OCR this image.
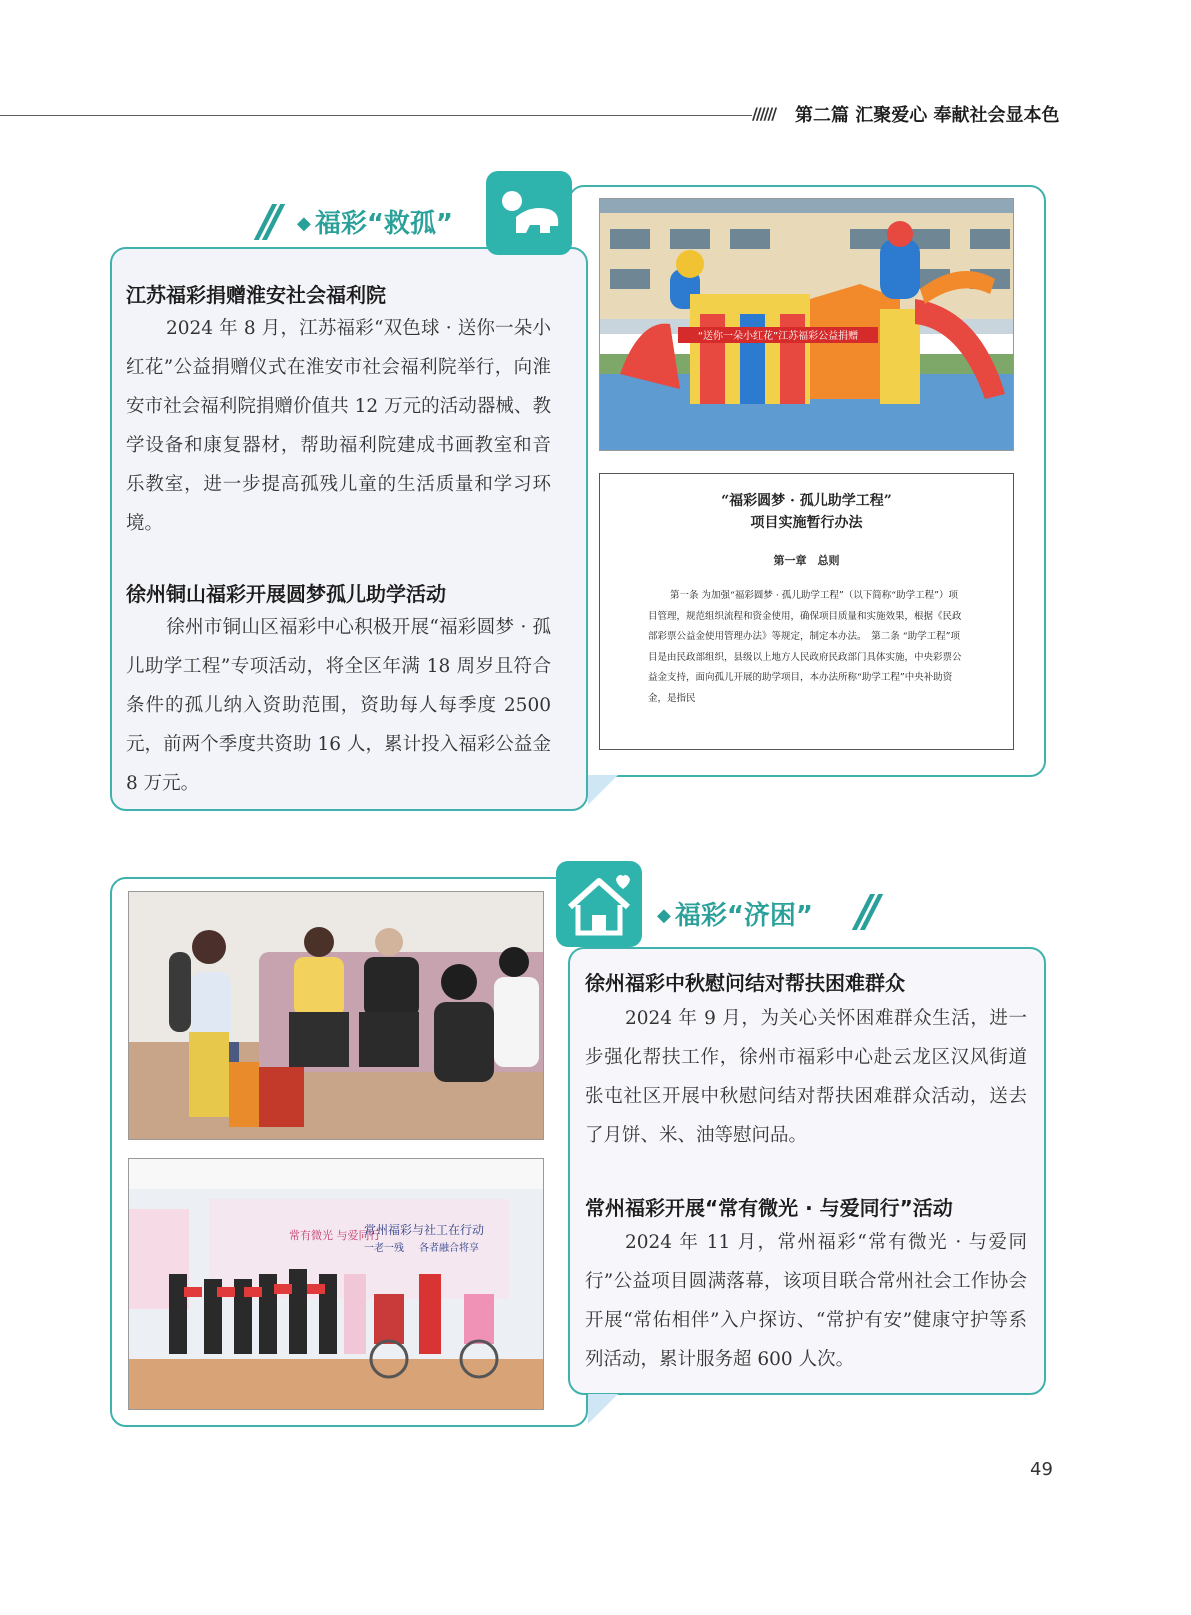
////// 第二篇 汇聚爱心 奉献社会显本色
// ◆ 福彩“救孤”
江苏福彩捐赠淮安社会福利院
2024 年 8 月，江苏福彩“双色球 · 送你一朵小红花”公益捐赠仪式在淮安市社会福利院举行，向淮安市社会福利院捐赠价值共 12 万元的活动器械、教学设备和康复器材，帮助福利院建成书画教室和音乐教室，进一步提高孤残儿童的生活质量和学习环境。
徐州铜山福彩开展圆梦孤儿助学活动
徐州市铜山区福彩中心积极开展“福彩圆梦 · 孤儿助学工程”专项活动，将全区年满 18 周岁且符合条件的孤儿纳入资助范围，资助每人每季度 2500 元，前两个季度共资助 16 人，累计投入福彩公益金 8 万元。
“送你一朵小红花”江苏福彩公益捐赠
“福彩圆梦 · 孤儿助学工程”
项目实施暂行办法
第一章　总则
第一条 为加强“福彩圆梦 · 孤儿助学工程”（以下简称“助学工程”）项目管理，规范组织流程和资金使用，确保项目质量和实施效果，根据《民政部彩票公益金使用管理办法》等规定，制定本办法。　第二条 “助学工程”项目是由民政部组织，县级以上地方人民政府民政部门具体实施，中央彩票公益金支持，面向孤儿开展的助学项目，本办法所称“助学工程”中央补助资金，是指民
◆ 福彩“济困” //
常有微光 与爱同行
常州福彩与社工在行动
一老一残 各者融合将享
徐州福彩中秋慰问结对帮扶困难群众
2024 年 9 月，为关心关怀困难群众生活，进一步强化帮扶工作，徐州市福彩中心赴云龙区汉风街道张屯社区开展中秋慰问结对帮扶困难群众活动，送去了月饼、米、油等慰问品。
常州福彩开展“常有微光 · 与爱同行”活动
2024 年 11 月，常州福彩“常有微光 · 与爱同行”公益项目圆满落幕，该项目联合常州社会工作协会开展“常佑相伴”入户探访、“常护有安”健康守护等系列活动，累计服务超 600 人次。
49
